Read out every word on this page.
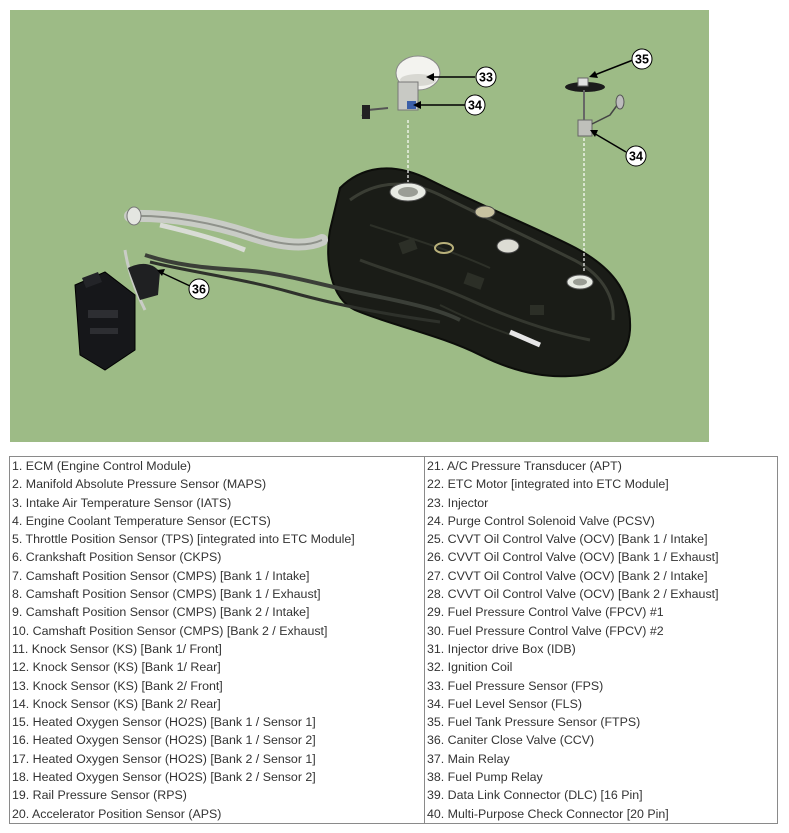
33
34
35
34
36
1. ECM (Engine Control Module)
2. Manifold Absolute Pressure Sensor (MAPS)
3. Intake Air Temperature Sensor (IATS)
4. Engine Coolant Temperature Sensor (ECTS)
5. Throttle Position Sensor (TPS) [integrated into ETC Module]
6. Crankshaft Position Sensor (CKPS)
7. Camshaft Position Sensor (CMPS) [Bank 1 / Intake]
8. Camshaft Position Sensor (CMPS) [Bank 1 / Exhaust]
9. Camshaft Position Sensor (CMPS) [Bank 2 / Intake]
10. Camshaft Position Sensor (CMPS) [Bank 2 / Exhaust]
11. Knock Sensor (KS) [Bank 1/ Front]
12. Knock Sensor (KS) [Bank 1/ Rear]
13. Knock Sensor (KS) [Bank 2/ Front]
14. Knock Sensor (KS) [Bank 2/ Rear]
15. Heated Oxygen Sensor (HO2S) [Bank 1 / Sensor 1]
16. Heated Oxygen Sensor (HO2S) [Bank 1 / Sensor 2]
17. Heated Oxygen Sensor (HO2S) [Bank 2 / Sensor 1]
18. Heated Oxygen Sensor (HO2S) [Bank 2 / Sensor 2]
19. Rail Pressure Sensor (RPS)
20. Accelerator Position Sensor (APS)

21. A/C Pressure Transducer (APT)
22. ETC Motor [integrated into ETC Module]
23. Injector
24. Purge Control Solenoid Valve (PCSV)
25. CVVT Oil Control Valve (OCV) [Bank 1 / Intake]
26. CVVT Oil Control Valve (OCV) [Bank 1 / Exhaust]
27. CVVT Oil Control Valve (OCV) [Bank 2 / Intake]
28. CVVT Oil Control Valve (OCV) [Bank 2 / Exhaust]
29. Fuel Pressure Control Valve (FPCV) #1
30. Fuel Pressure Control Valve (FPCV) #2
31. Injector drive Box (IDB)
32. Ignition Coil
33. Fuel Pressure Sensor (FPS)
34. Fuel Level Sensor (FLS)
35. Fuel Tank Pressure Sensor (FTPS)
36. Caniter Close Valve (CCV)
37. Main Relay
38. Fuel Pump Relay
39. Data Link Connector (DLC) [16 Pin]
40. Multi-Purpose Check Connector [20 Pin]
